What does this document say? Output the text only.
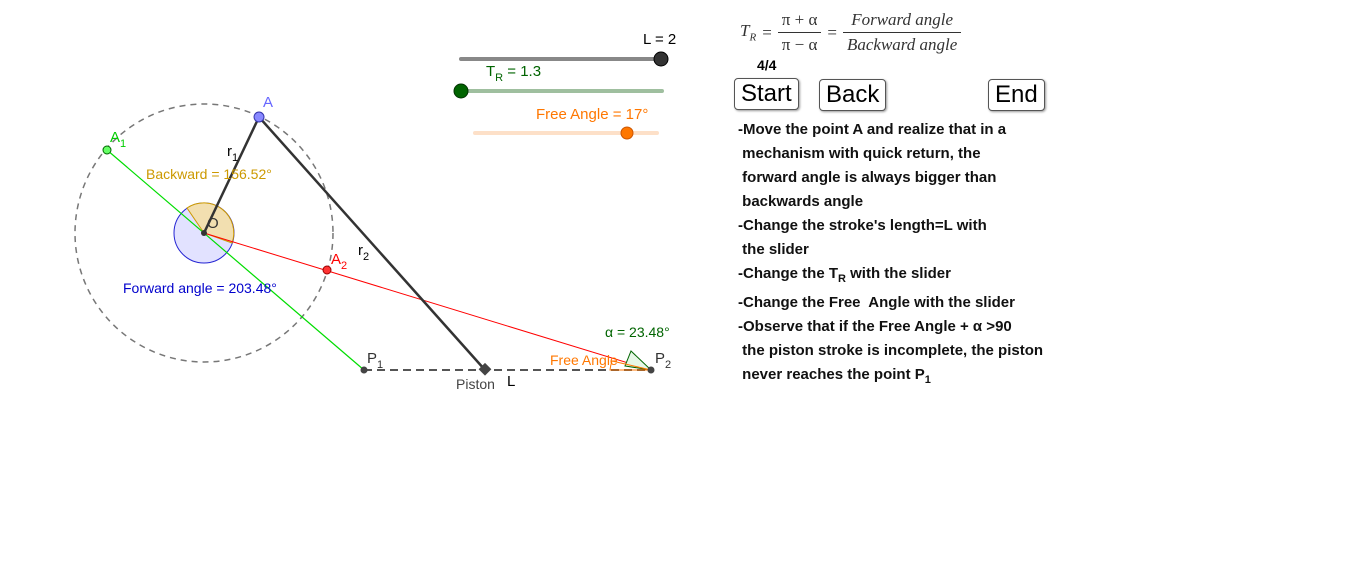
L = 2
$T_R = 1.3$
Free Angle = 17°
A
$A_1$
$A_2$
O
$r_1$
$r_2$
$P_1$	$P_2$
Backward = 156.52°
Forward angle = 203.48°
α = 23.48°
Free Angle
Piston L
$T_R = \frac{\pi + \alpha}{\pi - \alpha} = \frac{\text{Forward angle}}{\text{Backward angle}}$
4/4
Start Back	End
-Move the point A and realize that in a
mechanism with quick return, the
forward angle is always bigger than
backwards angle
-Change the stroke's length=L with
the slider
-Change the $T_R$ with the slider
-Change the Free  Angle with the slider
-Observe that if the Free Angle + α >90
the piston stroke is incomplete, the piston
never reaches the point $P_1$
